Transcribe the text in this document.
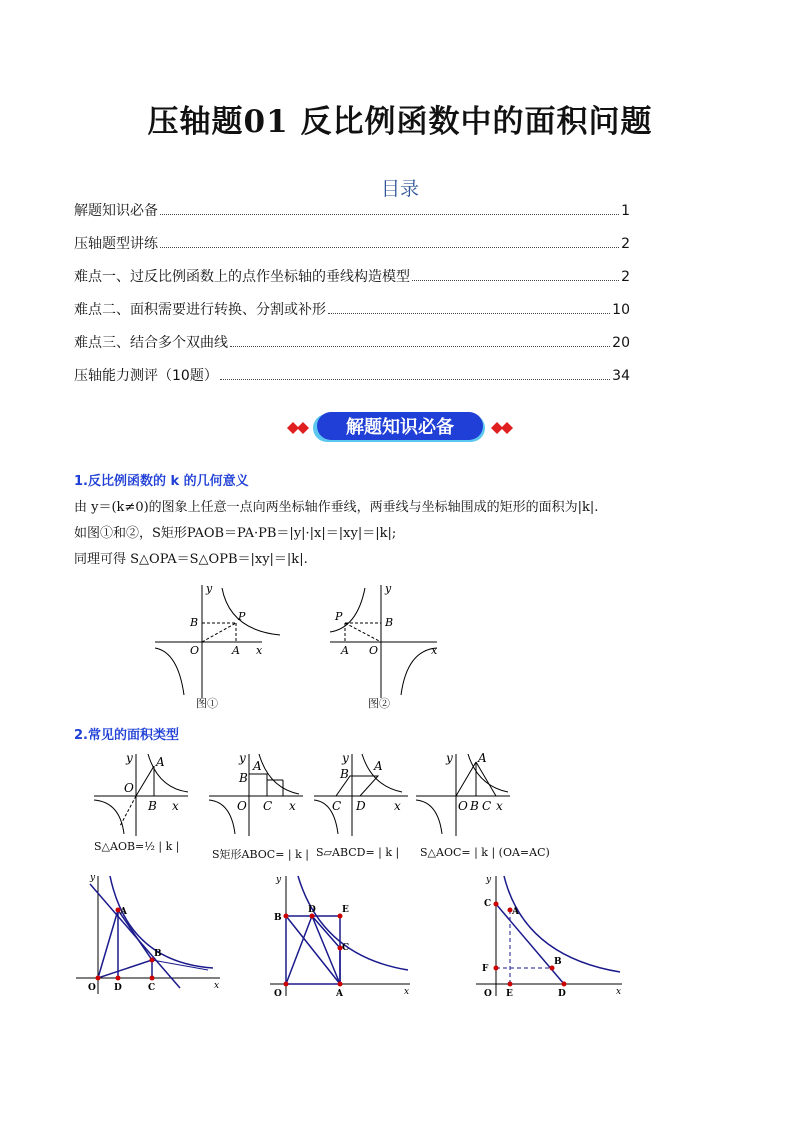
压轴题01 反比例函数中的面积问题
目录
解题知识必备	1
压轴题型讲练	2
难点一、过反比例函数上的点作坐标轴的垂线构造模型	2
难点二、面积需要进行转换、分割或补形	10
难点三、结合多个双曲线	20
压轴能力测评（10题）	34
解题知识必备
1.反比例函数的 k 的几何意义
由 y＝(k≠0)的图象上任意一点向两坐标轴作垂线，两垂线与坐标轴围成的矩形的面积为|k|.
如图①和②，S矩形PAOB＝PA·PB＝|y|·|x|＝|xy|＝|k|;
同理可得 S△OPA＝S△OPB＝|xy|＝|k|.
y
P
B
O	A x
图①
y
P	B
A O	x
图②
2.常见的面积类型
y A
O
B x
S△AOB=½ | k |
y
A
B
O C x
S矩形ABOC= | k |
y
A
B
C D x
S▱ABCD= | k |
y A
O B C x
S△AOC= | k | (OA=AC)
y
A
B
O D	C	x
y
B
D	E
C
O	A	x
y
C
A
F
B
O E	D	x
